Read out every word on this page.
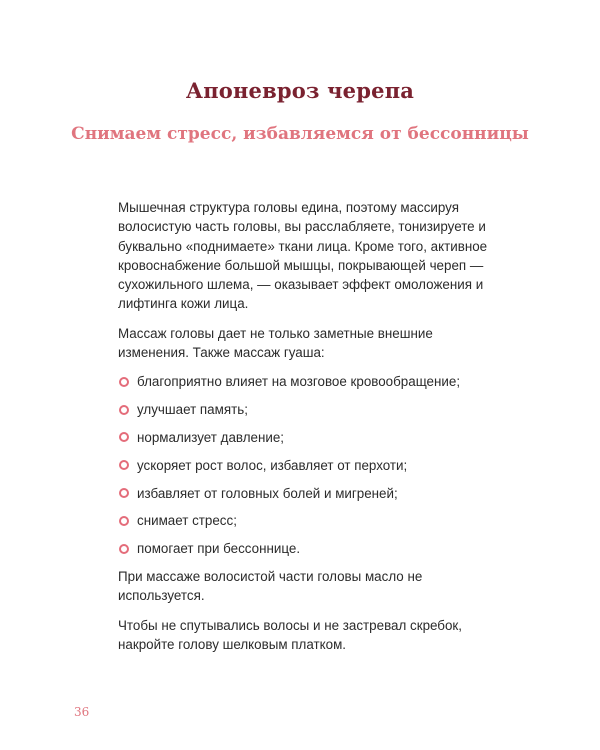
Апоневроз черепа
Снимаем стресс, избавляемся от бессонницы

Мышечная структура головы едина, поэтому массируя волосистую часть головы, вы расслабляете, тонизируете и буквально «поднимаете» ткани лица. Кроме того, активное кровоснабжение большой мышцы, покрывающей череп — сухожильного шлема, — оказывает эффект омоложения и лифтинга кожи лица.

Массаж головы дает не только заметные внешние изменения. Также массаж гуаша:

благоприятно влияет на мозговое кровообращение;
улучшает память;
нормализует давление;
ускоряет рост волос, избавляет от перхоти;
избавляет от головных болей и мигреней;
снимает стресс;
помогает при бессоннице.

При массаже волосистой части головы масло не используется.

Чтобы не спутывались волосы и не застревал скребок, накройте голову шелковым платком.

36
